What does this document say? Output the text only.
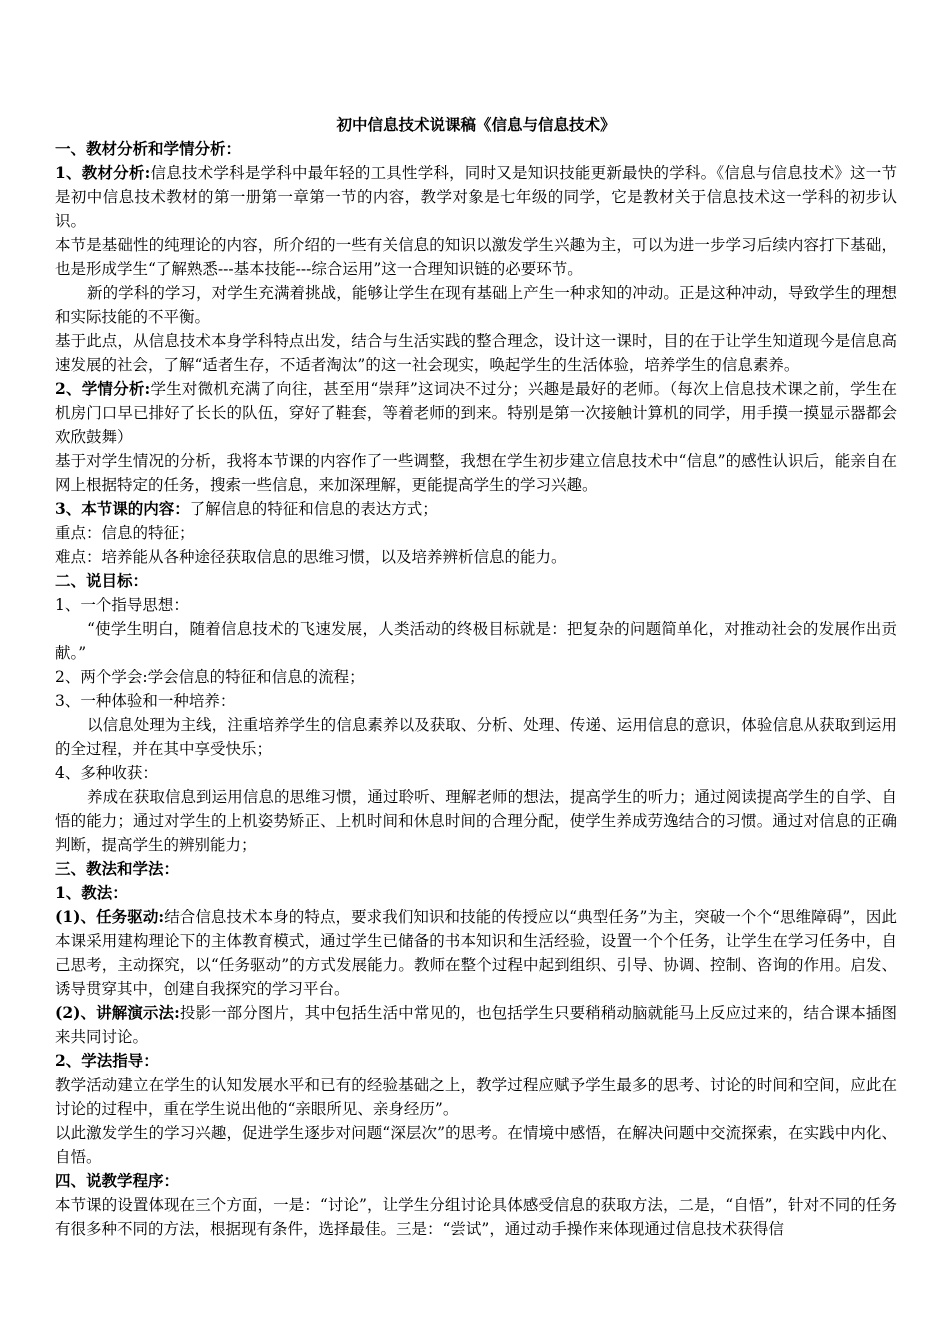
初中信息技术说课稿《信息与信息技术》

一、教材分析和学情分析：

1、教材分析:信息技术学科是学科中最年轻的工具性学科，同时又是知识技能更新最快的学科。《信息与信息技术》这一节是初中信息技术教材的第一册第一章第一节的内容，教学对象是七年级的同学，它是教材关于信息技术这一学科的初步认识。

本节是基础性的纯理论的内容，所介绍的一些有关信息的知识以激发学生兴趣为主，可以为进一步学习后续内容打下基础，也是形成学生“了解熟悉---基本技能---综合运用”这一合理知识链的必要环节。

新的学科的学习，对学生充满着挑战，能够让学生在现有基础上产生一种求知的冲动。正是这种冲动，导致学生的理想和实际技能的不平衡。

基于此点，从信息技术本身学科特点出发，结合与生活实践的整合理念，设计这一课时，目的在于让学生知道现今是信息高速发展的社会，了解“适者生存，不适者淘汰”的这一社会现实，唤起学生的生活体验，培养学生的信息素养。

2、学情分析:学生对微机充满了向往，甚至用“崇拜”这词决不过分；兴趣是最好的老师。（每次上信息技术课之前，学生在机房门口早已排好了长长的队伍，穿好了鞋套，等着老师的到来。特别是第一次接触计算机的同学，用手摸一摸显示器都会欢欣鼓舞）

基于对学生情况的分析，我将本节课的内容作了一些调整，我想在学生初步建立信息技术中“信息”的感性认识后，能亲自在网上根据特定的任务，搜索一些信息，来加深理解，更能提高学生的学习兴趣。

3、本节课的内容：了解信息的特征和信息的表达方式；

重点：信息的特征；

难点：培养能从各种途径获取信息的思维习惯，以及培养辨析信息的能力。

二、说目标：

1、一个指导思想：

“使学生明白，随着信息技术的飞速发展，人类活动的终极目标就是：把复杂的问题简单化，对推动社会的发展作出贡献。”

2、两个学会:学会信息的特征和信息的流程；

3、一种体验和一种培养：

以信息处理为主线，注重培养学生的信息素养以及获取、分析、处理、传递、运用信息的意识，体验信息从获取到运用的全过程，并在其中享受快乐；

4、多种收获：

养成在获取信息到运用信息的思维习惯，通过聆听、理解老师的想法，提高学生的听力；通过阅读提高学生的自学、自悟的能力；通过对学生的上机姿势矫正、上机时间和休息时间的合理分配，使学生养成劳逸结合的习惯。通过对信息的正确判断，提高学生的辨别能力；

三、教法和学法：

1、教法：

(1)、任务驱动:结合信息技术本身的特点，要求我们知识和技能的传授应以“典型任务”为主，突破一个个“思维障碍”，因此本课采用建构理论下的主体教育模式，通过学生已储备的书本知识和生活经验，设置一个个任务，让学生在学习任务中，自己思考，主动探究，以“任务驱动”的方式发展能力。教师在整个过程中起到组织、引导、协调、控制、咨询的作用。启发、诱导贯穿其中，创建自我探究的学习平台。

(2)、讲解演示法:投影一部分图片，其中包括生活中常见的，也包括学生只要稍稍动脑就能马上反应过来的，结合课本插图来共同讨论。

2、学法指导：

教学活动建立在学生的认知发展水平和已有的经验基础之上，教学过程应赋予学生最多的思考、讨论的时间和空间，应此在讨论的过程中，重在学生说出他的“亲眼所见、亲身经历”。

以此激发学生的学习兴趣，促进学生逐步对问题“深层次”的思考。在情境中感悟，在解决问题中交流探索，在实践中内化、自悟。

四、说教学程序：

本节课的设置体现在三个方面，一是：“讨论”，让学生分组讨论具体感受信息的获取方法，二是，“自悟”，针对不同的任务有很多种不同的方法，根据现有条件，选择最佳。三是：“尝试”，通过动手操作来体现通过信息技术获得信
